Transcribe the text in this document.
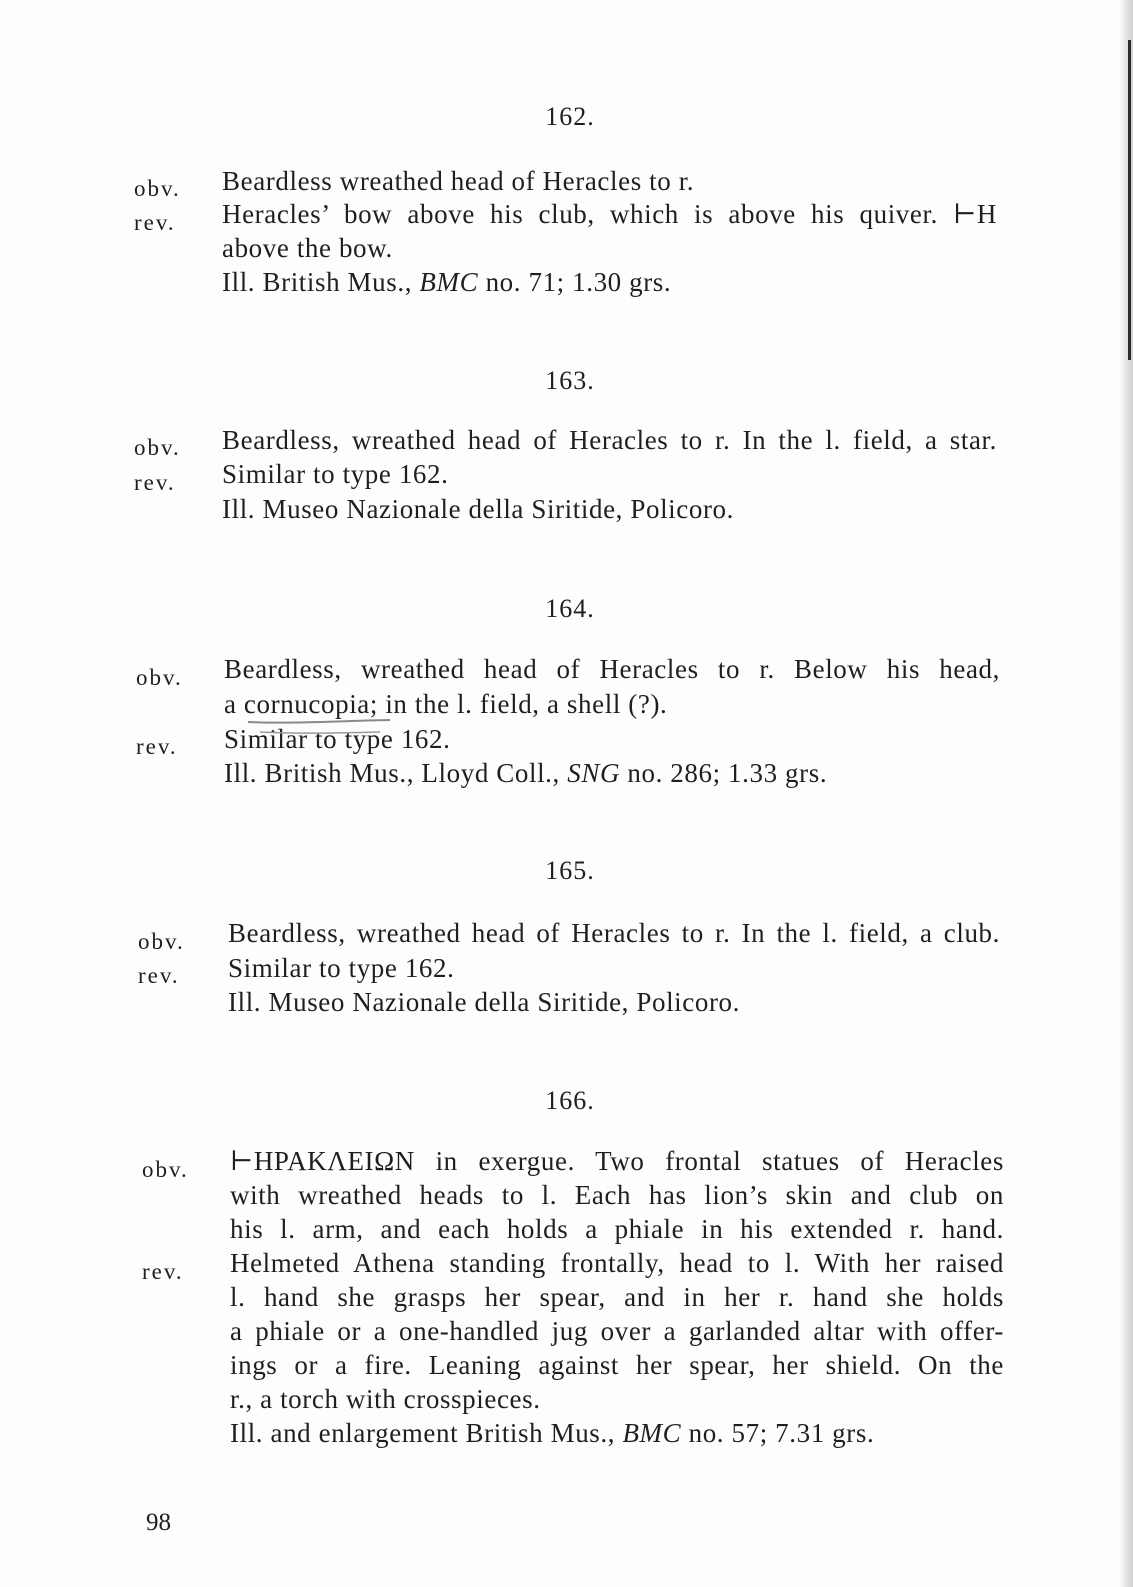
162.
obv. Beardless wreathed head of Heracles to r.
rev. Heracles’ bow above his club, which is above his quiver. ⊢H
above the bow.
Ill. British Mus., BMC no. 71; 1.30 grs.
163.
obv. Beardless, wreathed head of Heracles to r. In the l. field, a star.
rev. Similar to type 162.
Ill. Museo Nazionale della Siritide, Policoro.
164.
obv. Beardless, wreathed head of Heracles to r. Below his head,
a cornucopia; in the l. field, a shell (?).
rev. Similar to type 162.
Ill. British Mus., Lloyd Coll., SNG no. 286; 1.33 grs.
165.
obv. Beardless, wreathed head of Heracles to r. In the l. field, a club.
rev. Similar to type 162.
Ill. Museo Nazionale della Siritide, Policoro.
166.
obv. ⊢ΗΡΑΚΛΕΙΩΝ in exergue. Two frontal statues of Heracles
with wreathed heads to l. Each has lion’s skin and club on
his l. arm, and each holds a phiale in his extended r. hand.
rev. Helmeted Athena standing frontally, head to l. With her raised
l. hand she grasps her spear, and in her r. hand she holds
a phiale or a one-handled jug over a garlanded altar with offer-
ings or a fire. Leaning against her spear, her shield. On the
r., a torch with crosspieces.
Ill. and enlargement British Mus., BMC no. 57; 7.31 grs.
98
